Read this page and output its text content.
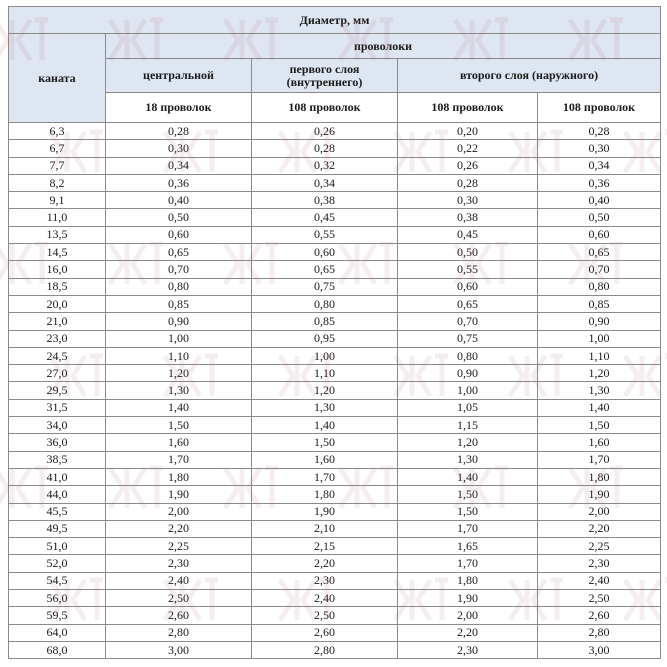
Диаметр, мм				
каната	проволоки			
	центральной	первого слоя (внутреннего)	второго слоя (наружного)	
	18 проволок	108 проволок	108 проволок	108 проволок
6,3	0,28	0,26	0,20	0,28
6,7	0,30	0,28	0,22	0,30
7,7	0,34	0,32	0,26	0,34
8,2	0,36	0,34	0,28	0,36
9,1	0,40	0,38	0,30	0,40
11,0	0,50	0,45	0,38	0,50
13,5	0,60	0,55	0,45	0,60
14,5	0,65	0,60	0,50	0,65
16,0	0,70	0,65	0,55	0,70
18,5	0,80	0,75	0,60	0,80
20,0	0,85	0,80	0,65	0,85
21,0	0,90	0,85	0,70	0,90
23,0	1,00	0,95	0,75	1,00
24,5	1,10	1,00	0,80	1,10
27,0	1,20	1,10	0,90	1,20
29,5	1,30	1,20	1,00	1,30
31,5	1,40	1,30	1,05	1,40
34,0	1,50	1,40	1,15	1,50
36,0	1,60	1,50	1,20	1,60
38,5	1,70	1,60	1,30	1,70
41,0	1,80	1,70	1,40	1,80
44,0	1,90	1,80	1,50	1,90
45,5	2,00	1,90	1,50	2,00
49,5	2,20	2,10	1,70	2,20
51,0	2,25	2,15	1,65	2,25
52,0	2,30	2,20	1,70	2,30
54,5	2,40	2,30	1,80	2,40
56,0	2,50	2,40	1,90	2,50
59,5	2,60	2,50	2,00	2,60
64,0	2,80	2,60	2,20	2,80
68,0	3,00	2,80	2,30	3,00
